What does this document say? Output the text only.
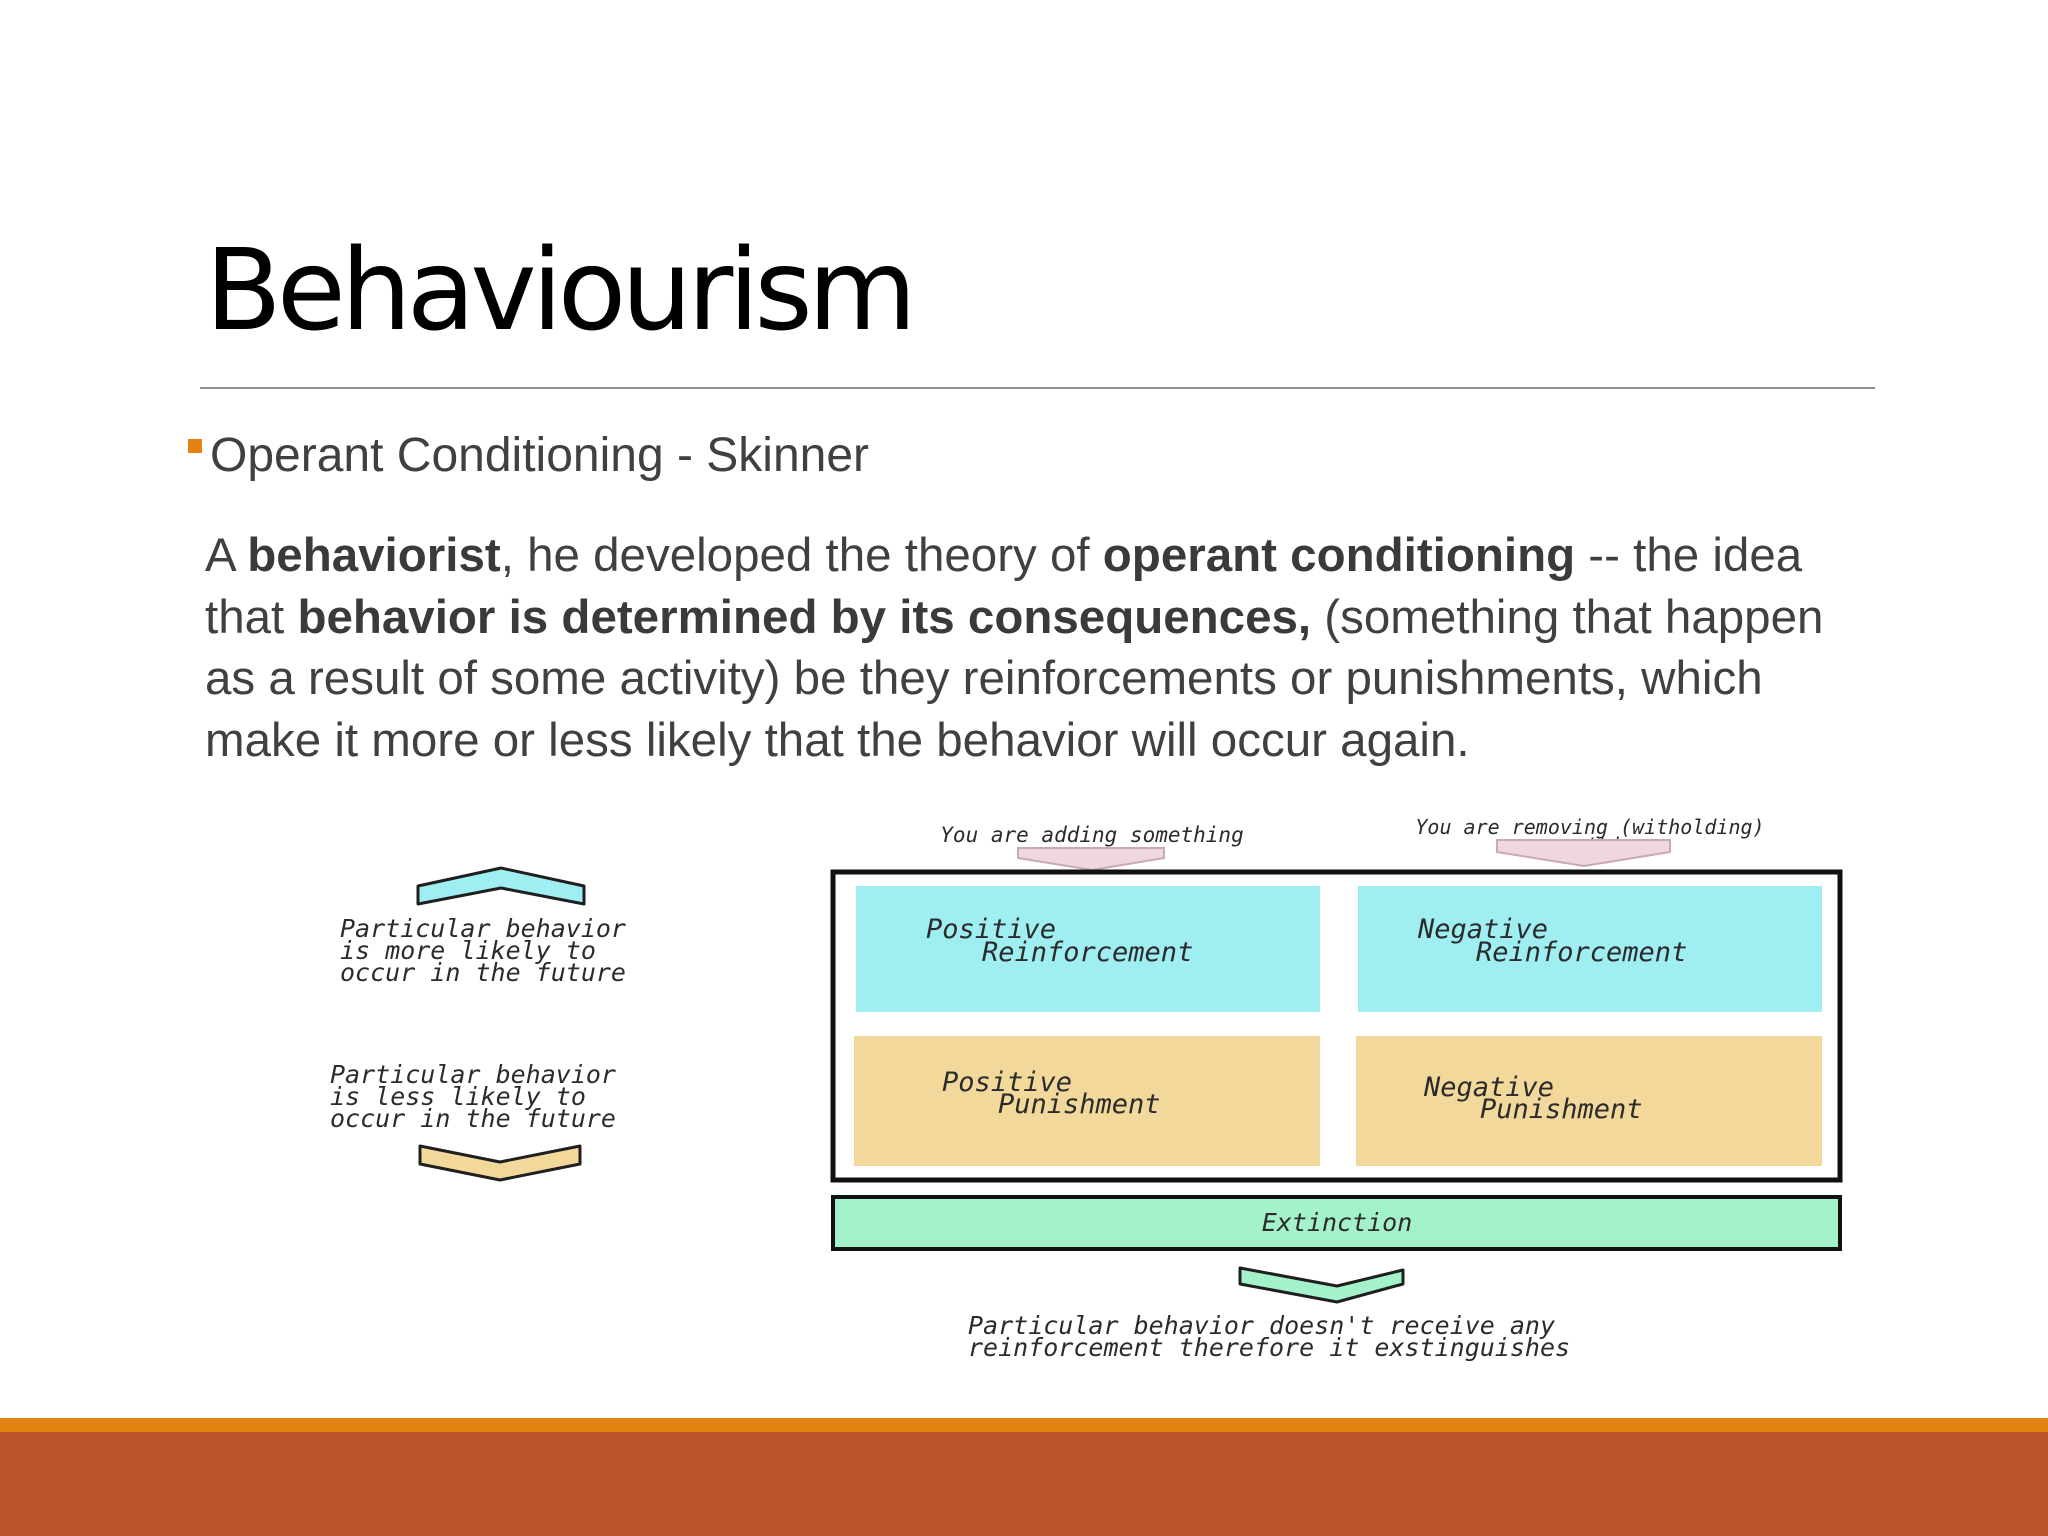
Behaviourism
Operant Conditioning - Skinner

A behaviorist, he developed the theory of operant conditioning -- the idea that behavior is determined by its consequences, (something that happen as a result of some activity) be they reinforcements or punishments, which make it more or less likely that the behavior will occur again.

You are adding something	You are removing (witholding)
Particular behavior
is more likely to
occur in the future
Particular behavior
is less likely to
occur in the future
Positive
Reinforcement
Negative
Reinforcement
Positive
Punishment
Negative
Punishment
Extinction
Particular behavior doesn't receive any
reinforcement therefore it exstinguishes
